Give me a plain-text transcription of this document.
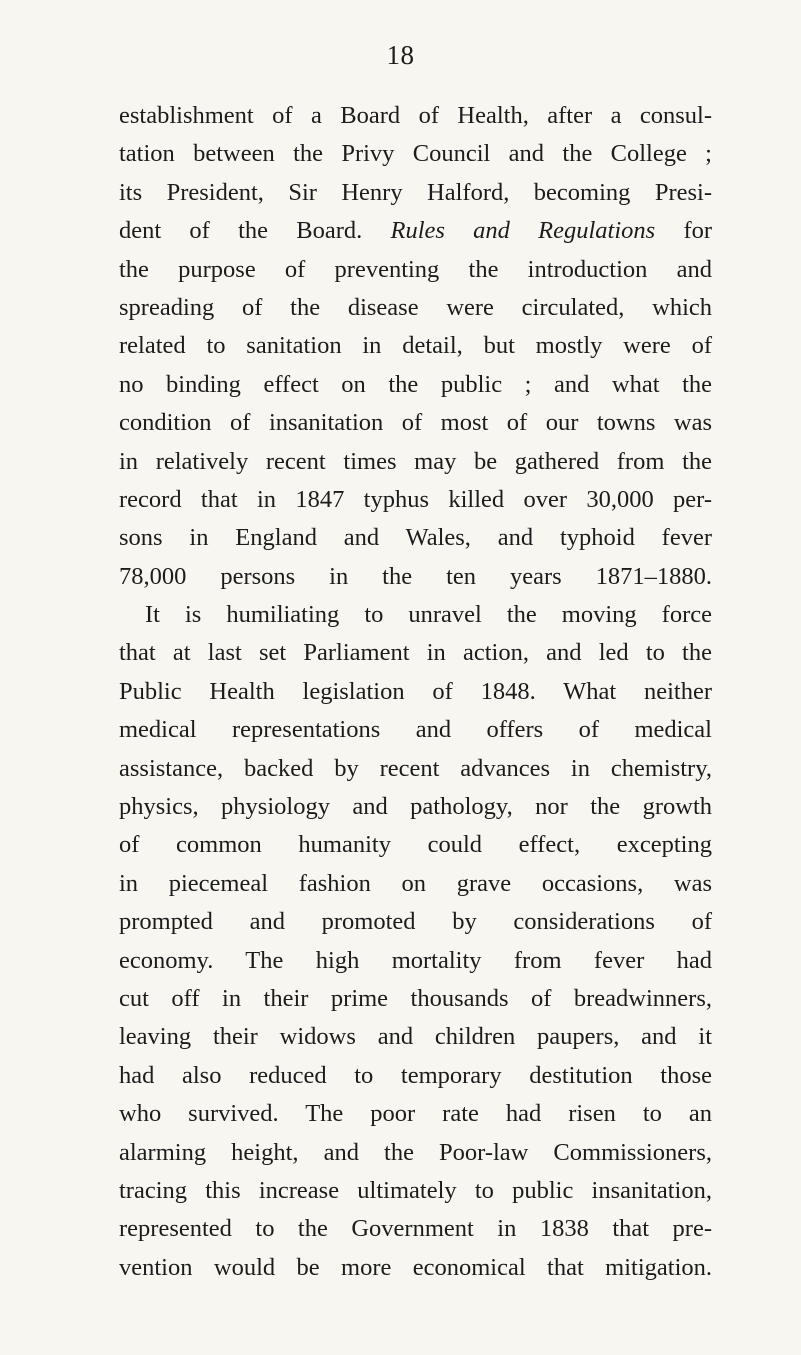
18
establishment of a Board of Health, after a consul-
tation between the Privy Council and the College ;
its President, Sir Henry Halford, becoming Presi-
dent of the Board. Rules and Regulations for
the purpose of preventing the introduction and
spreading of the disease were circulated, which
related to sanitation in detail, but mostly were of
no binding effect on the public ; and what the
condition of insanitation of most of our towns was
in relatively recent times may be gathered from the
record that in 1847 typhus killed over 30,000 per-
sons in England and Wales, and typhoid fever
78,000 persons in the ten years 1871–1880.
It is humiliating to unravel the moving force
that at last set Parliament in action, and led to the
Public Health legislation of 1848. What neither
medical representations and offers of medical
assistance, backed by recent advances in chemistry,
physics, physiology and pathology, nor the growth
of common humanity could effect, excepting
in piecemeal fashion on grave occasions, was
prompted and promoted by considerations of
economy. The high mortality from fever had
cut off in their prime thousands of breadwinners,
leaving their widows and children paupers, and it
had also reduced to temporary destitution those
who survived. The poor rate had risen to an
alarming height, and the Poor-law Commissioners,
tracing this increase ultimately to public insanitation,
represented to the Government in 1838 that pre-
vention would be more economical that mitigation.
